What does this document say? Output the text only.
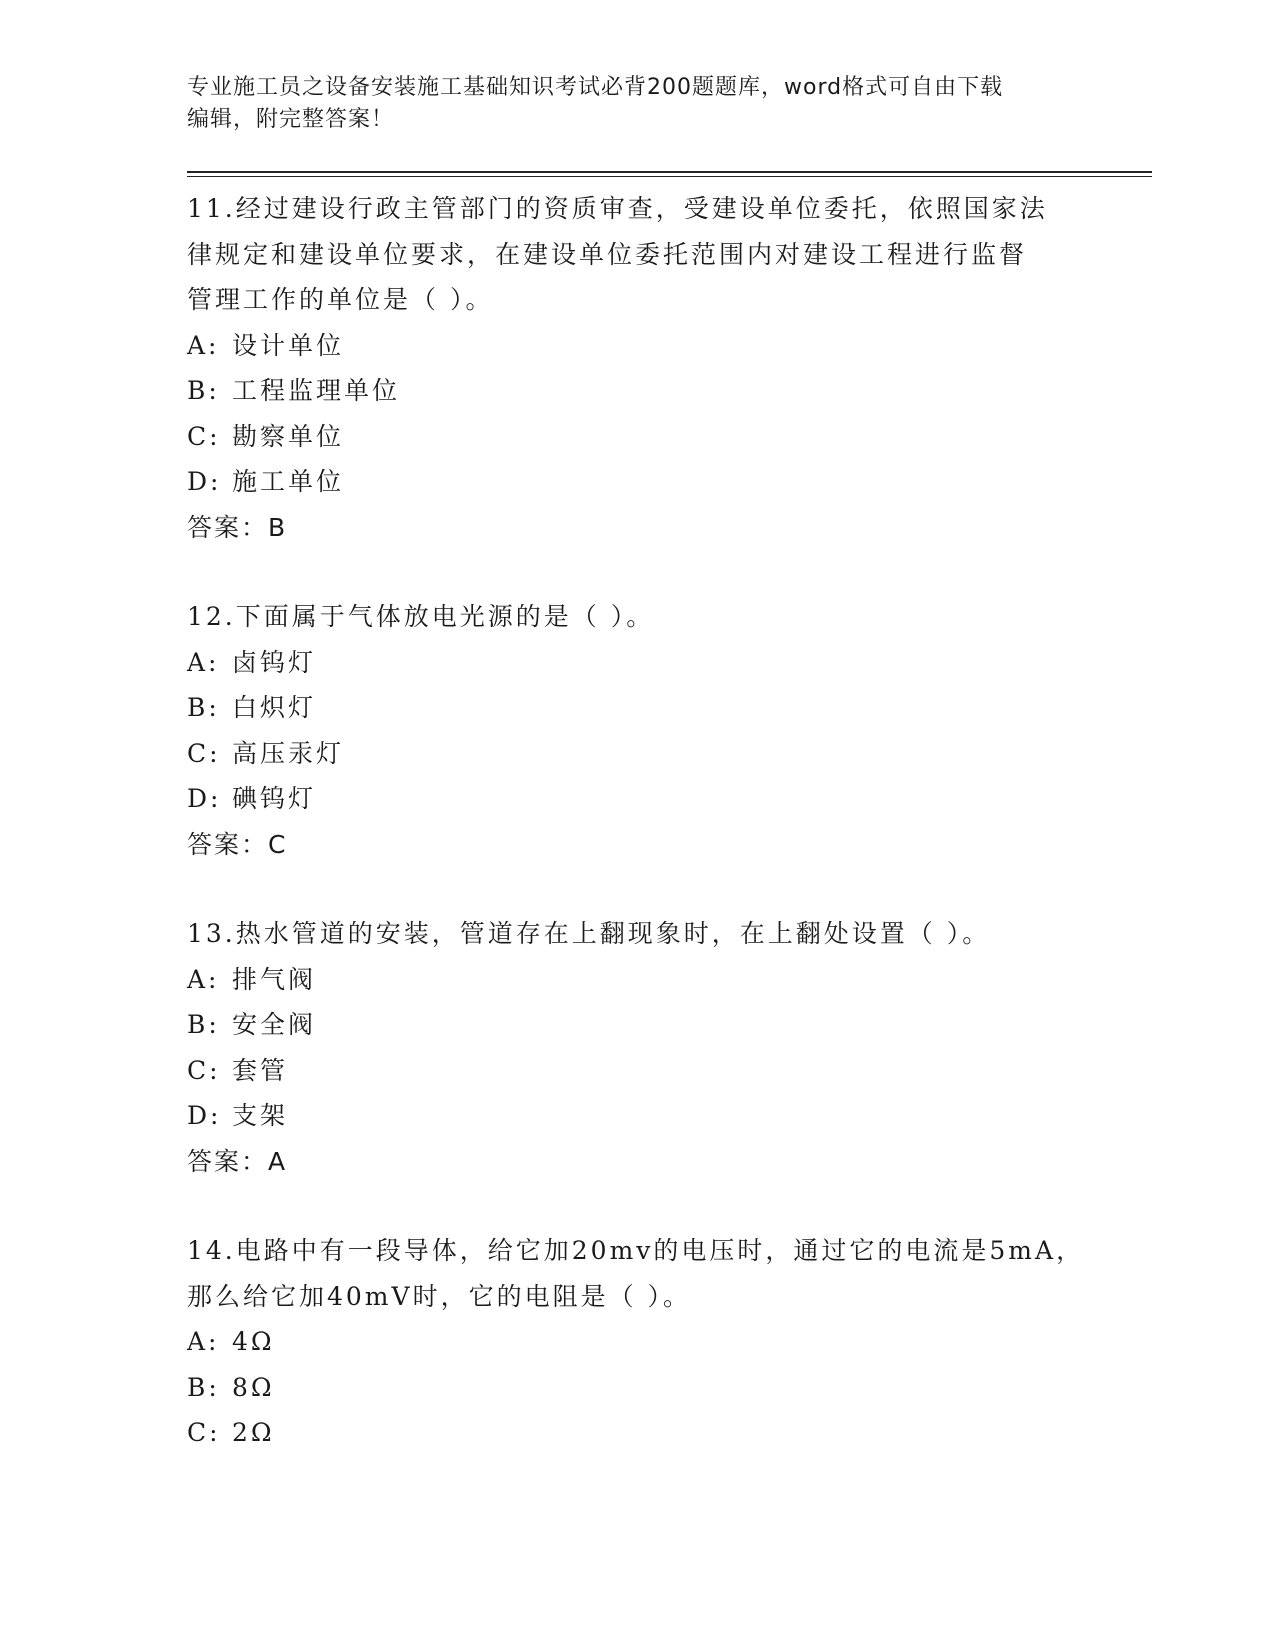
专业施工员之设备安装施工基础知识考试必背200题题库，word格式可自由下载
编辑，附完整答案！
11.经过建设行政主管部门的资质审查，受建设单位委托，依照国家法
律规定和建设单位要求，在建设单位委托范围内对建设工程进行监督
管理工作的单位是（ ）。
A: 设计单位
B: 工程监理单位
C: 勘察单位
D: 施工单位
答案：B
12.下面属于气体放电光源的是（ ）。
A: 卤钨灯
B: 白炽灯
C: 高压汞灯
D: 碘钨灯
答案：C
13.热水管道的安装，管道存在上翻现象时，在上翻处设置（ ）。
A: 排气阀
B: 安全阀
C: 套管
D: 支架
答案：A
14.电路中有一段导体，给它加20mv的电压时，通过它的电流是5mA，
那么给它加40mV时，它的电阻是（ ）。
A: 4Ω
B: 8Ω
C: 2Ω
